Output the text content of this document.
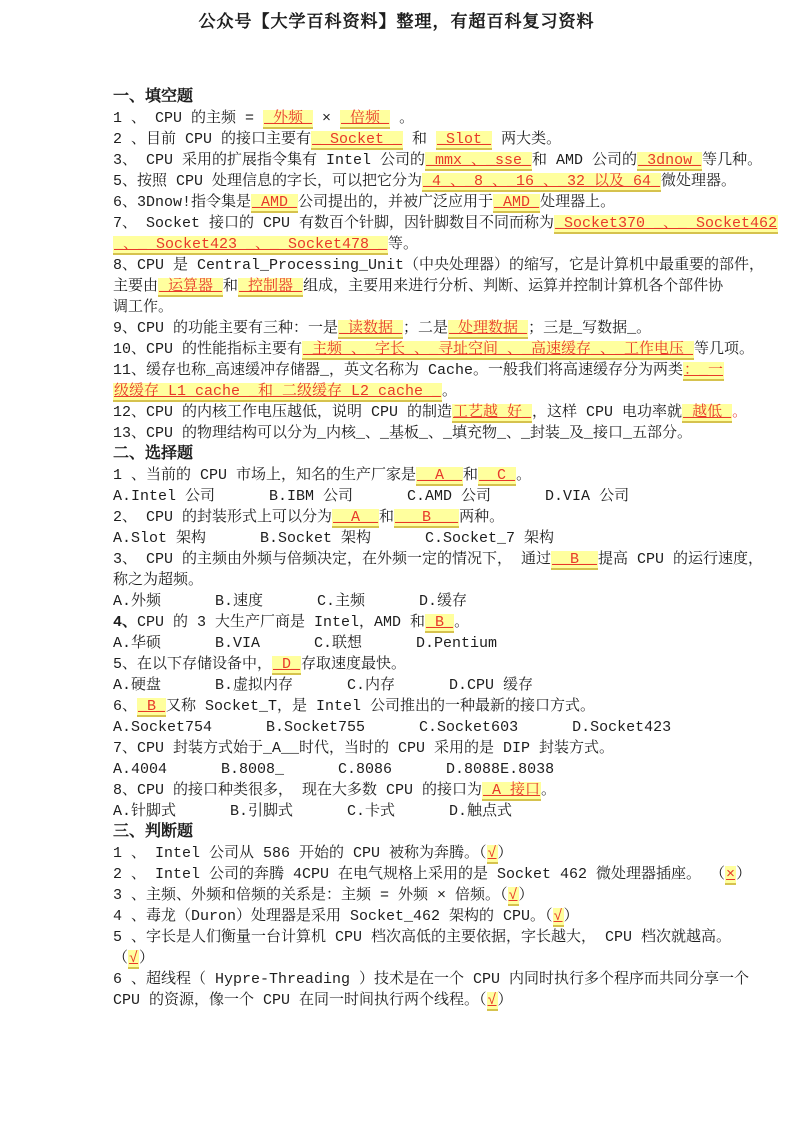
公众号【大学百科资料】整理，有超百科复习资料
一、填空题
1 、 CPU 的主频 = _外频_ × _倍频_ 。
2 、目前 CPU 的接口主要有_ Socket _ 和 _Slot_ 两大类。
3、 CPU 采用的扩展指令集有 Intel 公司的_mmx_、_sse_和 AMD 公司的_3dnow_等几种。
5、按照 CPU 处理信息的字长，可以把它分为_4_、_8_、_16_、_32_以及_64_微处理器。
6、3Dnow!指令集是_AMD_公司提出的，并被广泛应用于_AMD_处理器上。
7、 Socket 接口的 CPU 有数百个针脚，因针脚数目不同而称为_Socket370 _、_ Socket462
_、_ Socket423 _、_ Socket478 _等。
8、CPU 是 Central_Processing_Unit（中央处理器）的缩写，它是计算机中最重要的部件，
主要由_运算器_和_控制器_组成，主要用来进行分析、判断、运算并控制计算机各个部件协
调工作。
9、CPU 的功能主要有三种：一是_读数据_；二是_处理数据_；三是_写数据_。
10、CPU 的性能指标主要有_主频_、_字长_、_寻址空间_、_高速缓存_、_工作电压_等几项。
11、缓存也称_高速缓冲存储器_，英文名称为 Cache。一般我们将高速缓存分为两类：_一
级缓存 L1 cache _和_二级缓存 L2 cache _。
12、CPU 的内核工作电压越低，说明 CPU 的制造工艺越_好_，这样 CPU 电功率就_越低_。
13、CPU 的物理结构可以分为_内核_、_基板_、_填充物_、_封装_及_接口_五部分。
二、选择题
1 、当前的 CPU 市场上，知名的生产厂家是__A__和__C_。
A.Intel 公司      B.IBM 公司      C.AMD 公司      D.VIA 公司
2、 CPU 的封装形式上可以分为__A__和___B___两种。
A.Slot 架构      B.Socket 架构      C.Socket_7 架构
3、 CPU 的主频由外频与倍频决定，在外频一定的情况下， 通过__B__提高 CPU 的运行速度，
称之为超频。
A.外频      B.速度      C.主频      D.缓存
4、CPU 的 3 大生产厂商是 Intel，AMD 和_B_。
A.华硕      B.VIA      C.联想      D.Pentium
5、在以下存储设备中，_D_存取速度最快。
A.硬盘      B.虚拟内存      C.内存      D.CPU 缓存
6、_B_又称 Socket_T，是 Intel 公司推出的一种最新的接口方式。
A.Socket754      B.Socket755      C.Socket603      D.Socket423
7、CPU 封装方式始于_A__时代，当时的 CPU 采用的是 DIP 封装方式。
A.4004      B.8008_      C.8086      D.8088E.8038
8、CPU 的接口种类很多， 现在大多数 CPU 的接口为_A_接口。
A.针脚式      B.引脚式      C.卡式      D.触点式
三、判断题
1 、 Intel 公司从 586 开始的 CPU 被称为奔腾。（√）
2 、 Intel 公司的奔腾 4CPU 在电气规格上采用的是 Socket 462 微处理器插座。 （×）
3 、主频、外频和倍频的关系是：主频 = 外频 × 倍频。（√）
4 、毒龙（Duron）处理器是采用 Socket_462 架构的 CPU。（√）
5 、字长是人们衡量一台计算机 CPU 档次高低的主要依据，字长越大， CPU 档次就越高。
（√）
6 、超线程（ Hypre-Threading ）技术是在一个 CPU 内同时执行多个程序而共同分享一个
CPU 的资源，像一个 CPU 在同一时间执行两个线程。（√）
